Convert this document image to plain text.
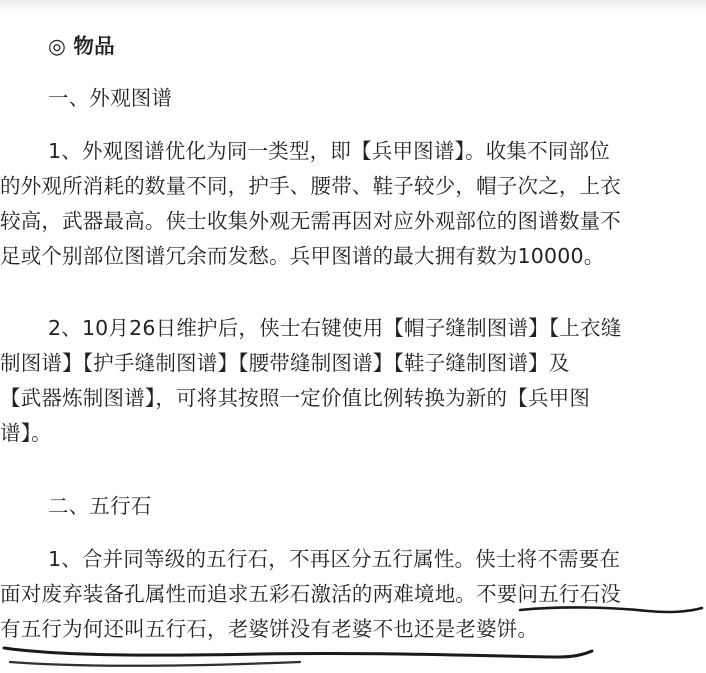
◎ 物品
一、外观图谱
1、外观图谱优化为同一类型，即【兵甲图谱】。收集不同部位
的外观所消耗的数量不同，护手、腰带、鞋子较少，帽子次之，上衣
较高，武器最高。侠士收集外观无需再因对应外观部位的图谱数量不
足或个别部位图谱冗余而发愁。兵甲图谱的最大拥有数为10000。
2、10月26日维护后，侠士右键使用【帽子缝制图谱】【上衣缝
制图谱】【护手缝制图谱】【腰带缝制图谱】【鞋子缝制图谱】及
【武器炼制图谱】，可将其按照一定价值比例转换为新的【兵甲图
谱】。
二、五行石
1、合并同等级的五行石，不再区分五行属性。侠士将不需要在
面对废弃装备孔属性而追求五彩石激活的两难境地。不要问五行石没
有五行为何还叫五行石，老婆饼没有老婆不也还是老婆饼。
